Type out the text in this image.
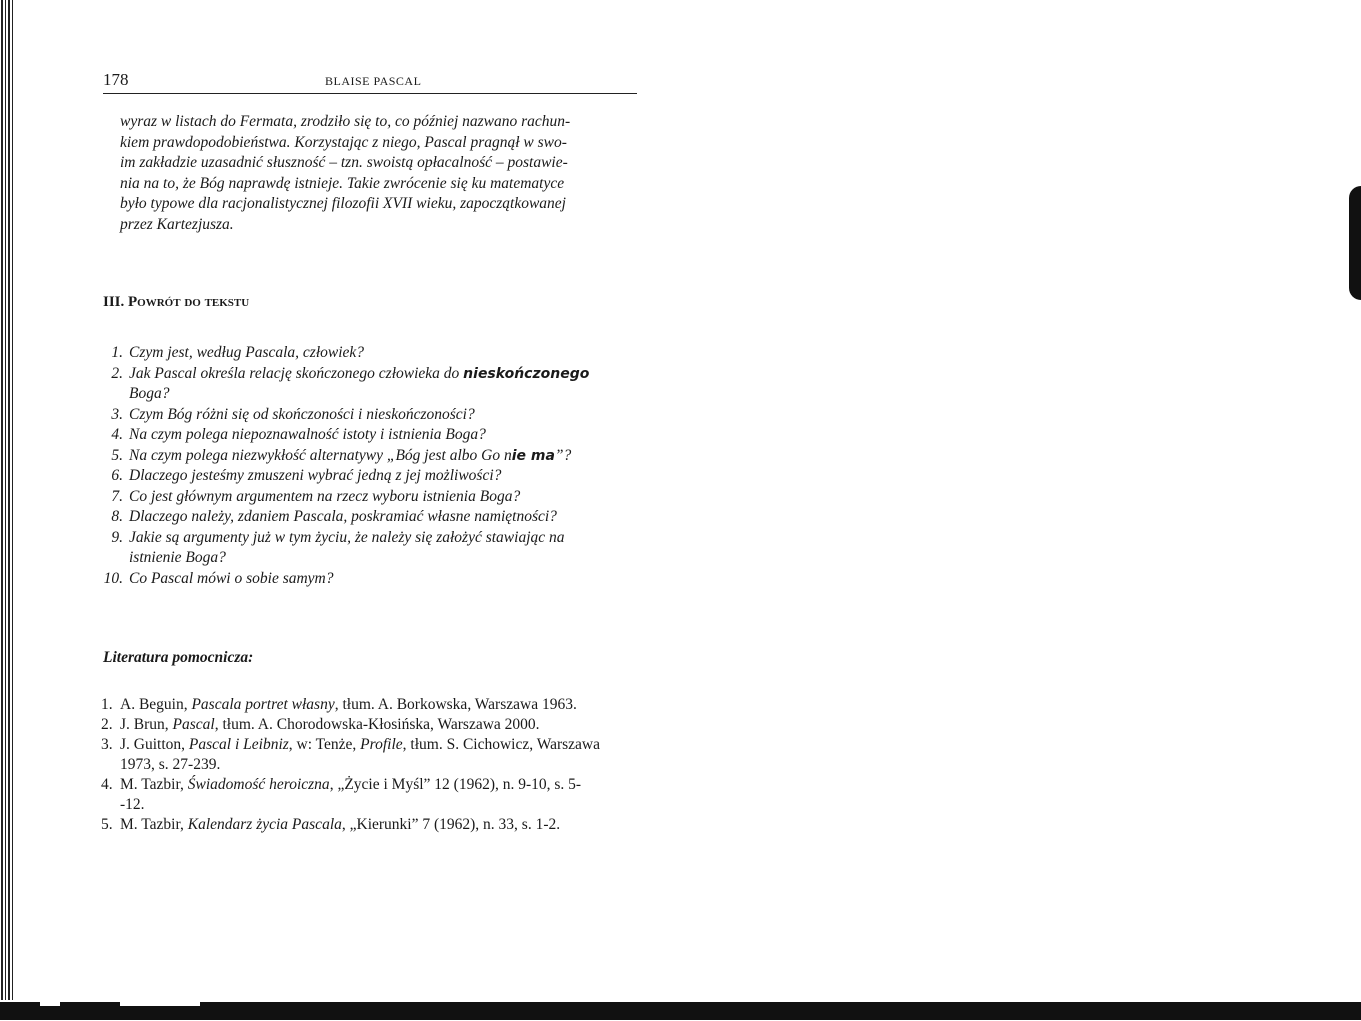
178	BLAISE PASCAL

wyraz w listach do Fermata, zrodziło się to, co później nazwano rachun-

kiem prawdopodobieństwa. Korzystając z niego, Pascal pragnął w swo-

im zakładzie uzasadnić słuszność – tzn. swoistą opłacalność – postawie-

nia na to, że Bóg naprawdę istnieje. Takie zwrócenie się ku matematyce

było typowe dla racjonalistycznej filozofii XVII wieku, zapoczątkowanej

przez Kartezjusza.

III. Powrót do tekstu
1. Czym jest, według Pascala, człowiek?
2. Jak Pascal określa relację skończonego człowieka do nieskończonego
Boga?
3. Czym Bóg różni się od skończoności i nieskończoności?
4. Na czym polega niepoznawalność istoty i istnienia Boga?
5. Na czym polega niezwykłość alternatywy „Bóg jest albo Go nie ma”?
6. Dlaczego jesteśmy zmuszeni wybrać jedną z jej możliwości?
7. Co jest głównym argumentem na rzecz wyboru istnienia Boga?
8. Dlaczego należy, zdaniem Pascala, poskramiać własne namiętności?
9. Jakie są argumenty już w tym życiu, że należy się założyć stawiając na
istnienie Boga?
10. Co Pascal mówi o sobie samym?
Literatura pomocnicza:
1. A. Beguin, Pascala portret własny, tłum. A. Borkowska, Warszawa 1963.
2. J. Brun, Pascal, tłum. A. Chorodowska-Kłosińska, Warszawa 2000.
3. J. Guitton, Pascal i Leibniz, w: Tenże, Profile, tłum. S. Cichowicz, Warszawa
1973, s. 27-239.
4. M. Tazbir, Świadomość heroiczna, „Życie i Myśl” 12 (1962), n. 9-10, s. 5-
-12.
5. M. Tazbir, Kalendarz życia Pascala, „Kierunki” 7 (1962), n. 33, s. 1-2.
